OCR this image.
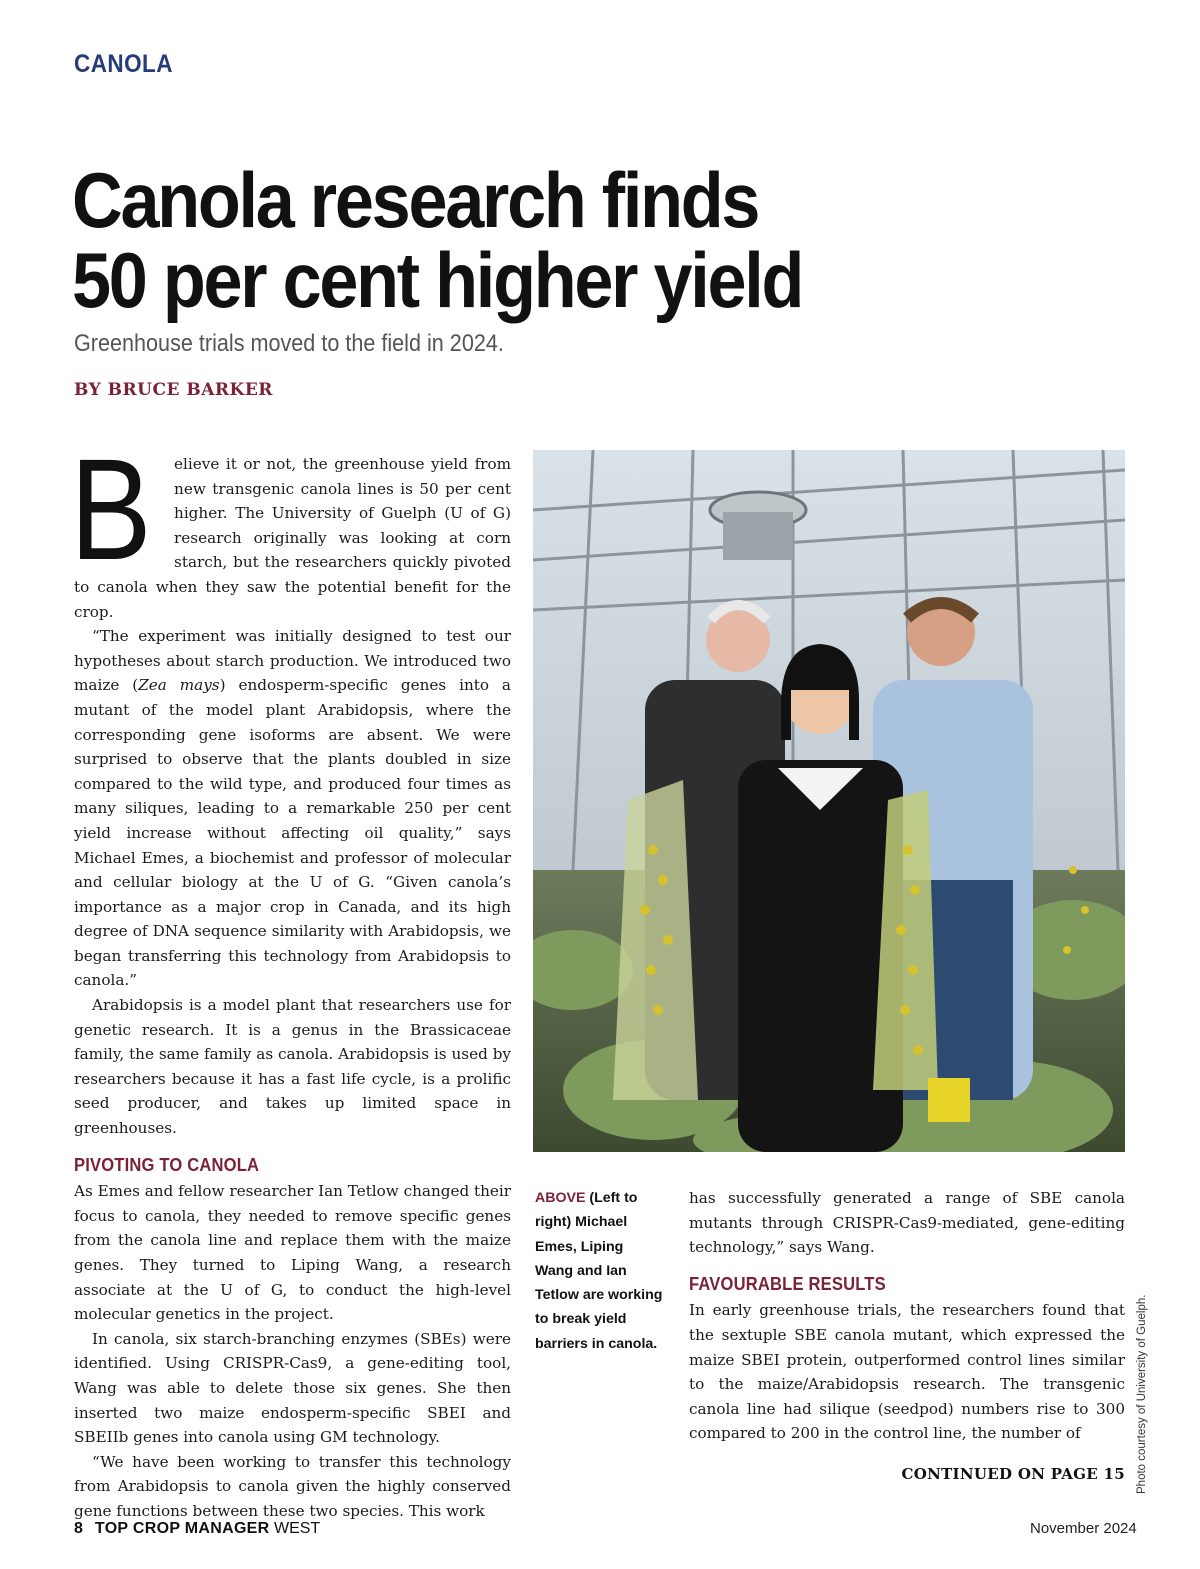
CANOLA
Canola research finds
50 per cent higher yield
Greenhouse trials moved to the field in 2024.
BY BRUCE BARKER

B elieve it or not, the greenhouse yield from new transgenic canola lines is 50 per cent higher. The University of Guelph (U of G) research originally was looking at corn starch, but the researchers quickly pivoted to canola when they saw the potential benefit for the crop.

“The experiment was initially designed to test our hypotheses about starch production. We introduced two maize (Zea mays) endosperm-specific genes into a mutant of the model plant Arabidopsis, where the corresponding gene isoforms are absent. We were surprised to observe that the plants doubled in size compared to the wild type, and produced four times as many siliques, leading to a remarkable 250 per cent yield increase without affecting oil quality,” says Michael Emes, a biochemist and professor of molecular and cellular biology at the U of G. “Given canola’s importance as a major crop in Canada, and its high degree of DNA sequence similarity with Arabidopsis, we began transferring this technology from Arabidopsis to canola.”

Arabidopsis is a model plant that researchers use for genetic research. It is a genus in the Brassicaceae family, the same family as canola. Arabidopsis is used by researchers because it has a fast life cycle, is a prolific seed producer, and takes up limited space in greenhouses.

PIVOTING TO CANOLA

As Emes and fellow researcher Ian Tetlow changed their focus to canola, they needed to remove specific genes from the canola line and replace them with the maize genes. They turned to Liping Wang, a research associate at the U of G, to conduct the high-level molecular genetics in the project.

In canola, six starch-branching enzymes (SBEs) were identified. Using CRISPR-Cas9, a gene-editing tool, Wang was able to delete those six genes. She then inserted two maize endosperm-specific SBEI and SBEIIb genes into canola using GM technology.

“We have been working to transfer this technology from Arabidopsis to canola given the highly conserved gene functions between these two species. This work

ABOVE (Left to right) Michael Emes, Liping Wang and Ian Tetlow are working to break yield barriers in canola.

has successfully generated a range of SBE canola mutants through CRISPR-Cas9-mediated, gene-editing technology,” says Wang.

FAVOURABLE RESULTS

In early greenhouse trials, the researchers found that the sextuple SBE canola mutant, which expressed the maize SBEI protein, outperformed control lines similar to the maize/Arabidopsis research. The transgenic canola line had silique (seedpod) numbers rise to 300 compared to 200 in the control line, the number of

CONTINUED ON PAGE 15 Photo courtesy of University of Guelph.
8 TOP CROP MANAGER WEST	November 2024
